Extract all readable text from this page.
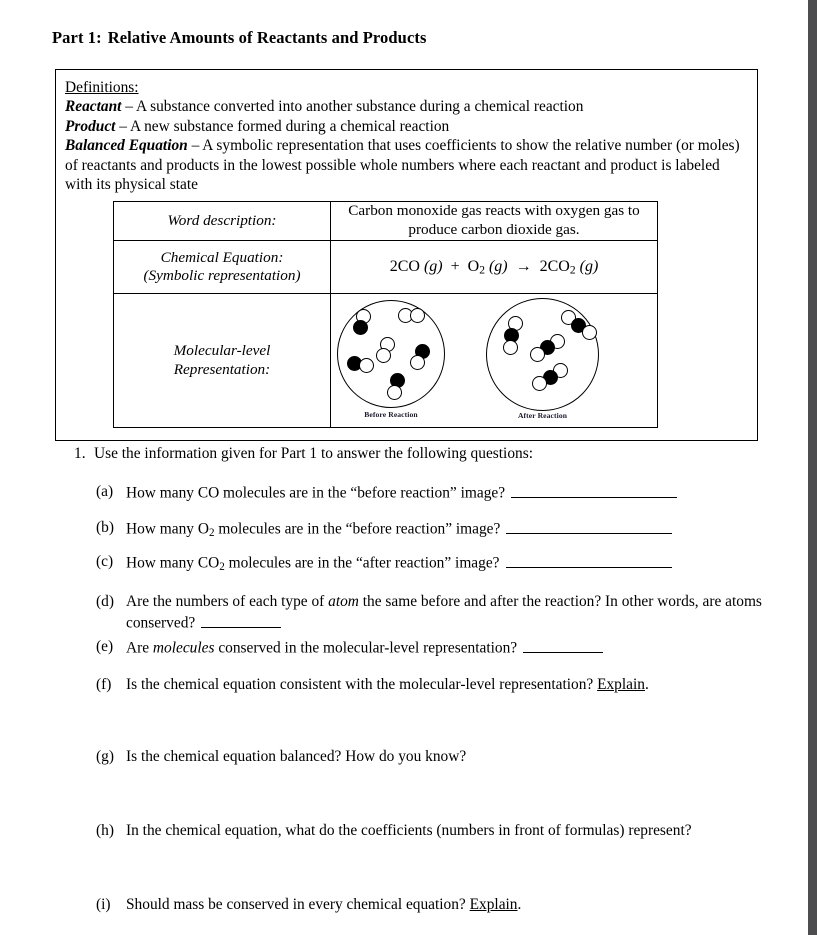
Part 1: Relative Amounts of Reactants and Products

Definitions:

Reactant – A substance converted into another substance during a chemical reaction

Product – A new substance formed during a chemical reaction

Balanced Equation – A symbolic representation that uses coefficients to show the relative number (or moles) of reactants and products in the lowest possible whole numbers where each reactant and product is labeled with its physical state

Word description:	Carbon monoxide gas reacts with oxygen gas to produce carbon dioxide gas.

Chemical Equation:
(Symbolic representation)	2CO $(g) + O_2$ $(g) \to 2CO_2$ (g)

Molecular-level
Representation:

Before Reaction	After Reaction
1. Use the information given for Part 1 to answer the following questions:
(a) How many CO molecules are in the “before reaction” image?
(b) How many $O_2$ molecules are in the “before reaction” image?
(c) How many $CO_2$ molecules are in the “after reaction” image?
(d) Are the numbers of each type of atom the same before and after the reaction? In other words, are atoms conserved?
(e) Are molecules conserved in the molecular-level representation?
(f) Is the chemical equation consistent with the molecular-level representation? Explain.
(g) Is the chemical equation balanced? How do you know?
(h) In the chemical equation, what do the coefficients (numbers in front of formulas) represent?
(i)	Should mass be conserved in every chemical equation? Explain.
